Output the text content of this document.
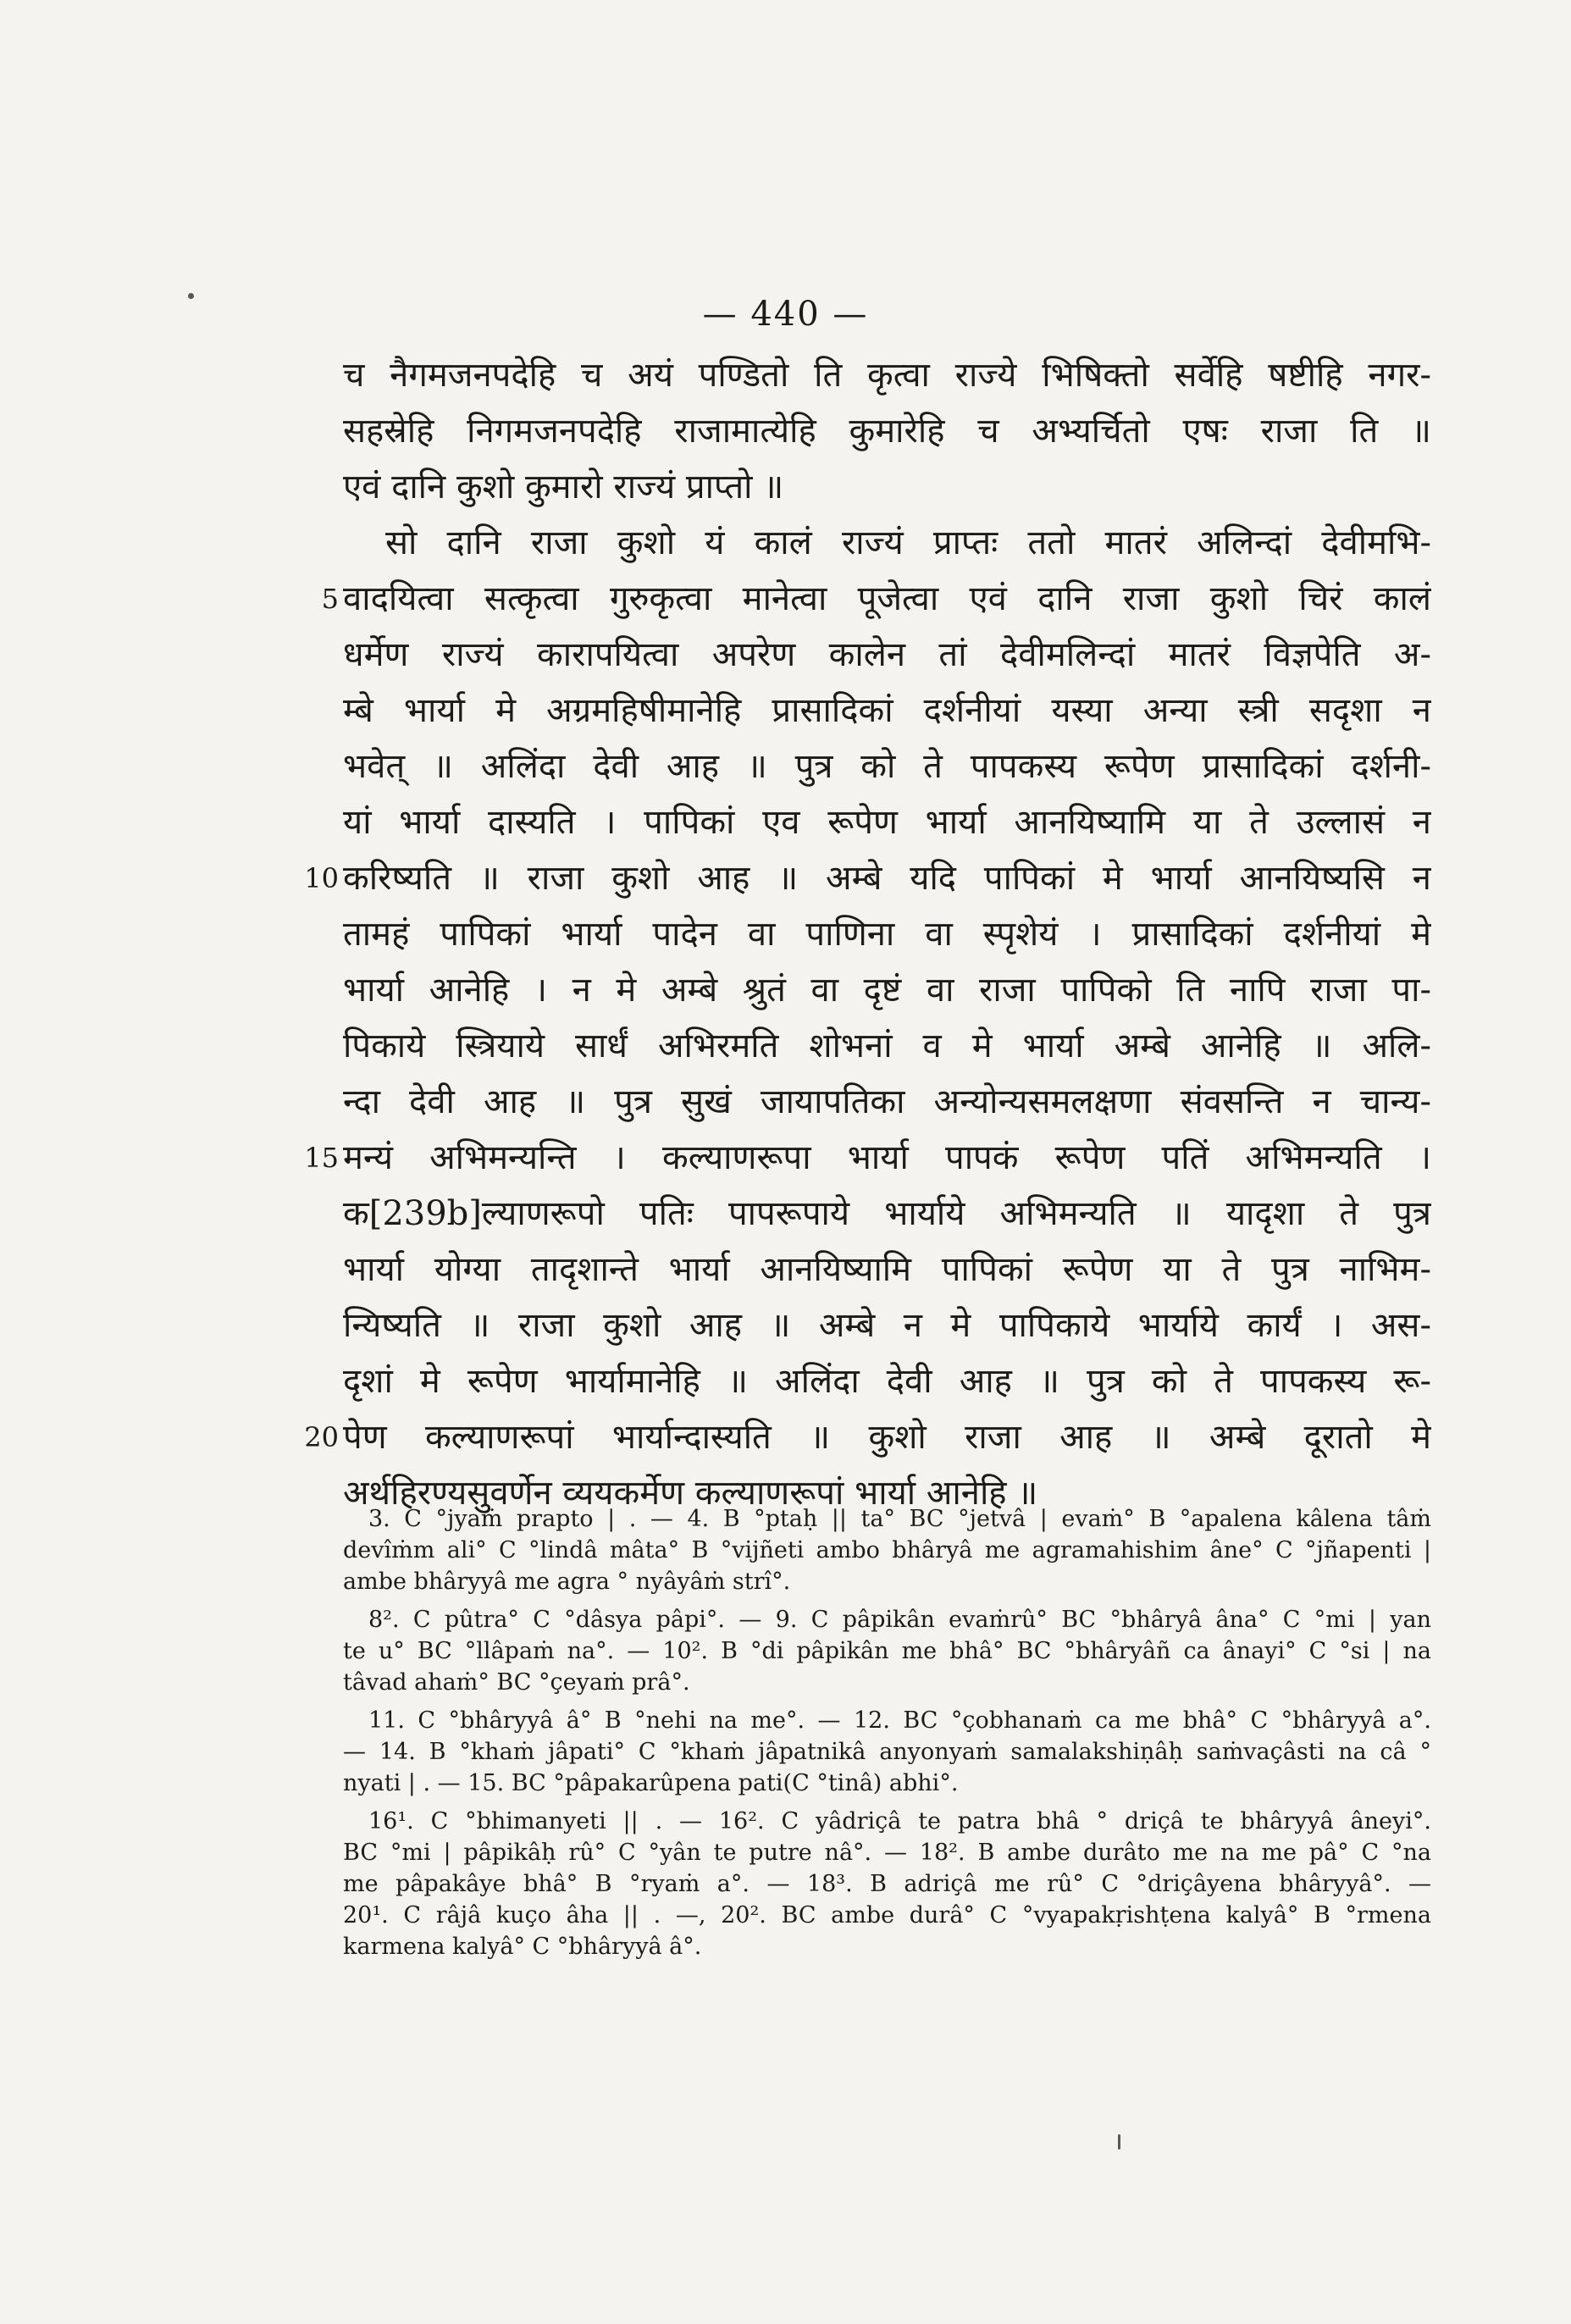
— 440 —
च नैगमजनपदेहि च अयं पण्डितो ति कृत्वा राज्ये भिषिक्तो सर्वेहि षष्टीहि नगर-
सहस्रेहि निगमजनपदेहि राजामात्येहि कुमारेहि च अभ्यर्चितो एषः राजा ति ॥
एवं दानि कुशो कुमारो राज्यं प्राप्तो ॥
सो दानि राजा कुशो यं कालं राज्यं प्राप्तः ततो मातरं अलिन्दां देवीमभि-
5 वादयित्वा सत्कृत्वा गुरुकृत्वा मानेत्वा पूजेत्वा एवं दानि राजा कुशो चिरं कालं
धर्मेण राज्यं कारापयित्वा अपरेण कालेन तां देवीमलिन्दां मातरं विज्ञपेति अ-
म्बे भार्या मे अग्रमहिषीमानेहि प्रासादिकां दर्शनीयां यस्या अन्या स्त्री सदृशा न
भवेत् ॥ अलिंदा देवी आह ॥ पुत्र को ते पापकस्य रूपेण प्रासादिकां दर्शनी-
यां भार्या दास्यति । पापिकां एव रूपेण भार्या आनयिष्यामि या ते उल्लासं न
10 करिष्यति ॥ राजा कुशो आह ॥ अम्बे यदि पापिकां मे भार्या आनयिष्यसि न
तामहं पापिकां भार्या पादेन वा पाणिना वा स्पृशेयं । प्रासादिकां दर्शनीयां मे
भार्या आनेहि । न मे अम्बे श्रुतं वा दृष्टं वा राजा पापिको ति नापि राजा पा-
पिकाये स्त्रियाये सार्धं अभिरमति शोभनां व मे भार्या अम्बे आनेहि ॥ अलि-
न्दा देवी आह ॥ पुत्र सुखं जायापतिका अन्योन्यसमलक्षणा संवसन्ति न चान्य-
15 मन्यं अभिमन्यन्ति । कल्याणरूपा भार्या पापकं रूपेण पतिं अभिमन्यति ।
क[239b]ल्याणरूपो पतिः पापरूपाये भार्याये अभिमन्यति ॥ यादृशा ते पुत्र
भार्या योग्या तादृशान्ते भार्या आनयिष्यामि पापिकां रूपेण या ते पुत्र नाभिम-
न्यिष्यति ॥ राजा कुशो आह ॥ अम्बे न मे पापिकाये भार्याये कार्यं । अस-
दृशां मे रूपेण भार्यामानेहि ॥ अलिंदा देवी आह ॥ पुत्र को ते पापकस्य रू-
20 पेण कल्याणरूपां भार्यान्दास्यति ॥ कुशो राजा आह ॥ अम्बे दूरातो मे
अर्थहिरण्यसुवर्णेन व्ययकर्मेण कल्याणरूपां भार्या आनेहि ॥
3. C °jyaṁ prapto | . — 4. B °ptaḥ || ta° BC °jetvâ | evaṁ° B °apalena kâlena tâṁ
devîṁm ali° C °lindâ mâta° B °vijñeti ambo bhâryâ me agramahishim âne° C °jñapenti |
ambe bhâryyâ me agra ° nyâyâṁ strî°.
8². C pûtra° C °dâsya pâpi°. — 9. C pâpikân evaṁrû° BC °bhâryâ âna° C °mi | yan
te u° BC °llâpaṁ na°. — 10². B °di pâpikân me bhâ° BC °bhâryâñ ca ânayi° C °si | na
tâvad ahaṁ° BC °çeyaṁ prâ°.
11. C °bhâryyâ â° B °nehi na me°. — 12. BC °çobhanaṁ ca me bhâ° C °bhâryyâ a°.
— 14. B °khaṁ jâpati° C °khaṁ jâpatnikâ anyonyaṁ samalakshiṇâḥ saṁvaçâsti na câ °
nyati | . — 15. BC °pâpakarûpena pati(C °tinâ) abhi°.
16¹. C °bhimanyeti || . — 16². C yâdriçâ te patra bhâ ° driçâ te bhâryyâ âneyi°.
BC °mi | pâpikâḥ rû° C °yân te putre nâ°. — 18². B ambe durâto me na me pâ° C °na
me pâpakâye bhâ° B °ryaṁ a°. — 18³. B adriçâ me rû° C °driçâyena bhâryyâ°. —
20¹. C râjâ kuço âha || . —, 20². BC ambe durâ° C °vyapakṛishṭena kalyâ° B °rmena
karmena kalyâ° C °bhâryyâ â°.
